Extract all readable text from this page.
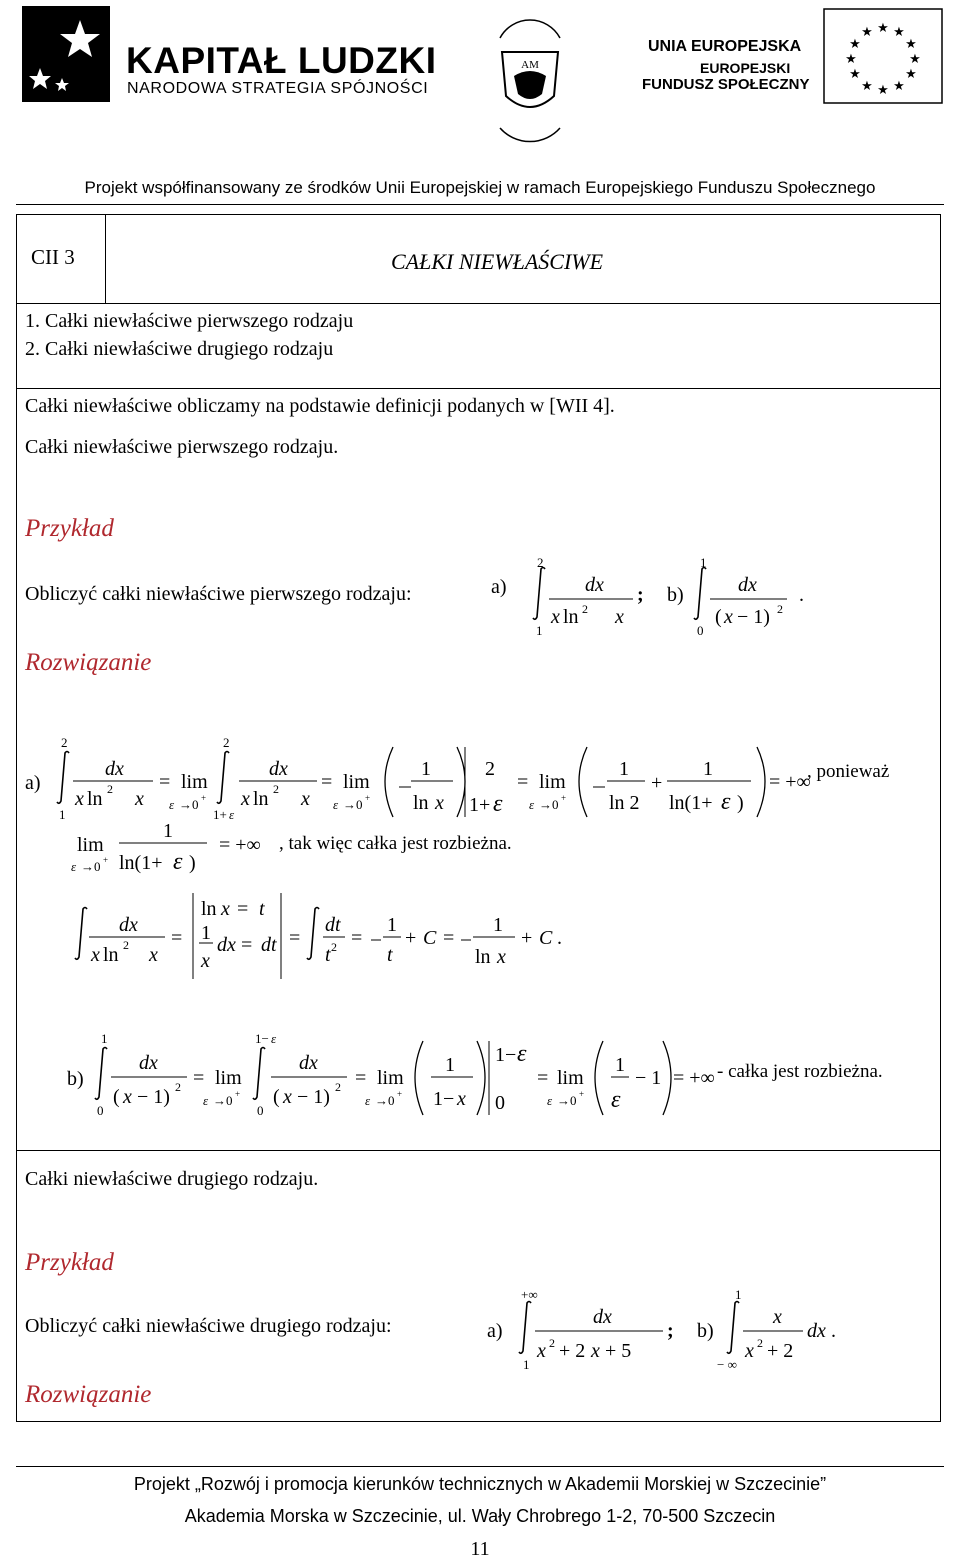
KAPITAŁ LUDZKI
NARODOWA STRATEGIA SPÓJNOŚCI
AM
UNIA EUROPEJSKA
EUROPEJSKI
FUNDUSZ SPOŁECZNY
★ ★
★
★
★
★
★
★
★
★
★
★
Projekt współfinansowany ze środków Unii Europejskiej w ramach Europejskiego Funduszu Społecznego
CII 3	CAŁKI NIEWŁAŚCIWE
1. Całki niewłaściwe pierwszego rodzaju
2. Całki niewłaściwe drugiego rodzaju
Całki niewłaściwe obliczamy na podstawie definicji podanych w [WII 4].
Całki niewłaściwe pierwszego rodzaju.
Przykład
Obliczyć całki niewłaściwe pierwszego rodzaju:	a)
2
1
dx
x ln 2 x
; b)
1
0
dx
( x − 1) 2
.
Rozwiązanie
a)
2
1
dx
x ln 2 x
= lim
ε →0 +
2
1+ ε
dx
x ln 2 x
= lim
ε →0 +
1
ln x
2
1+ ε
= lim
ε →0 +
1
ln 2
+
1
ln(1+ ε )
= +∞
, ponieważ
lim
ε →0 +
1
ln(1+ ε )
= +∞ , tak więc całka jest rozbieżna.
dx
x ln 2 x
=
ln x = t
1
x
dx = dt =
dt
t 2 =
1
t
+ C =
1
ln x
+ C .
b)
1
0
dx
( x − 1) 2 = lim
ε →0 +
1− ε
0
dx
( x − 1) 2 = lim
ε →0 +
1
1− x
1− ε
0
= lim
ε →0 +
1
ε
− 1 = +∞ - całka jest rozbieżna.
Całki niewłaściwe drugiego rodzaju.
Przykład
Obliczyć całki niewłaściwe drugiego rodzaju:	a)
+∞
1
dx
x 2 + 2 x + 5
; b)
1
− ∞
x
x 2 + 2
dx .
Rozwiązanie
Projekt „Rozwój i promocja kierunków technicznych w Akademii Morskiej w Szczecinie”
Akademia Morska w Szczecinie, ul. Wały Chrobrego 1-2, 70-500 Szczecin
11
